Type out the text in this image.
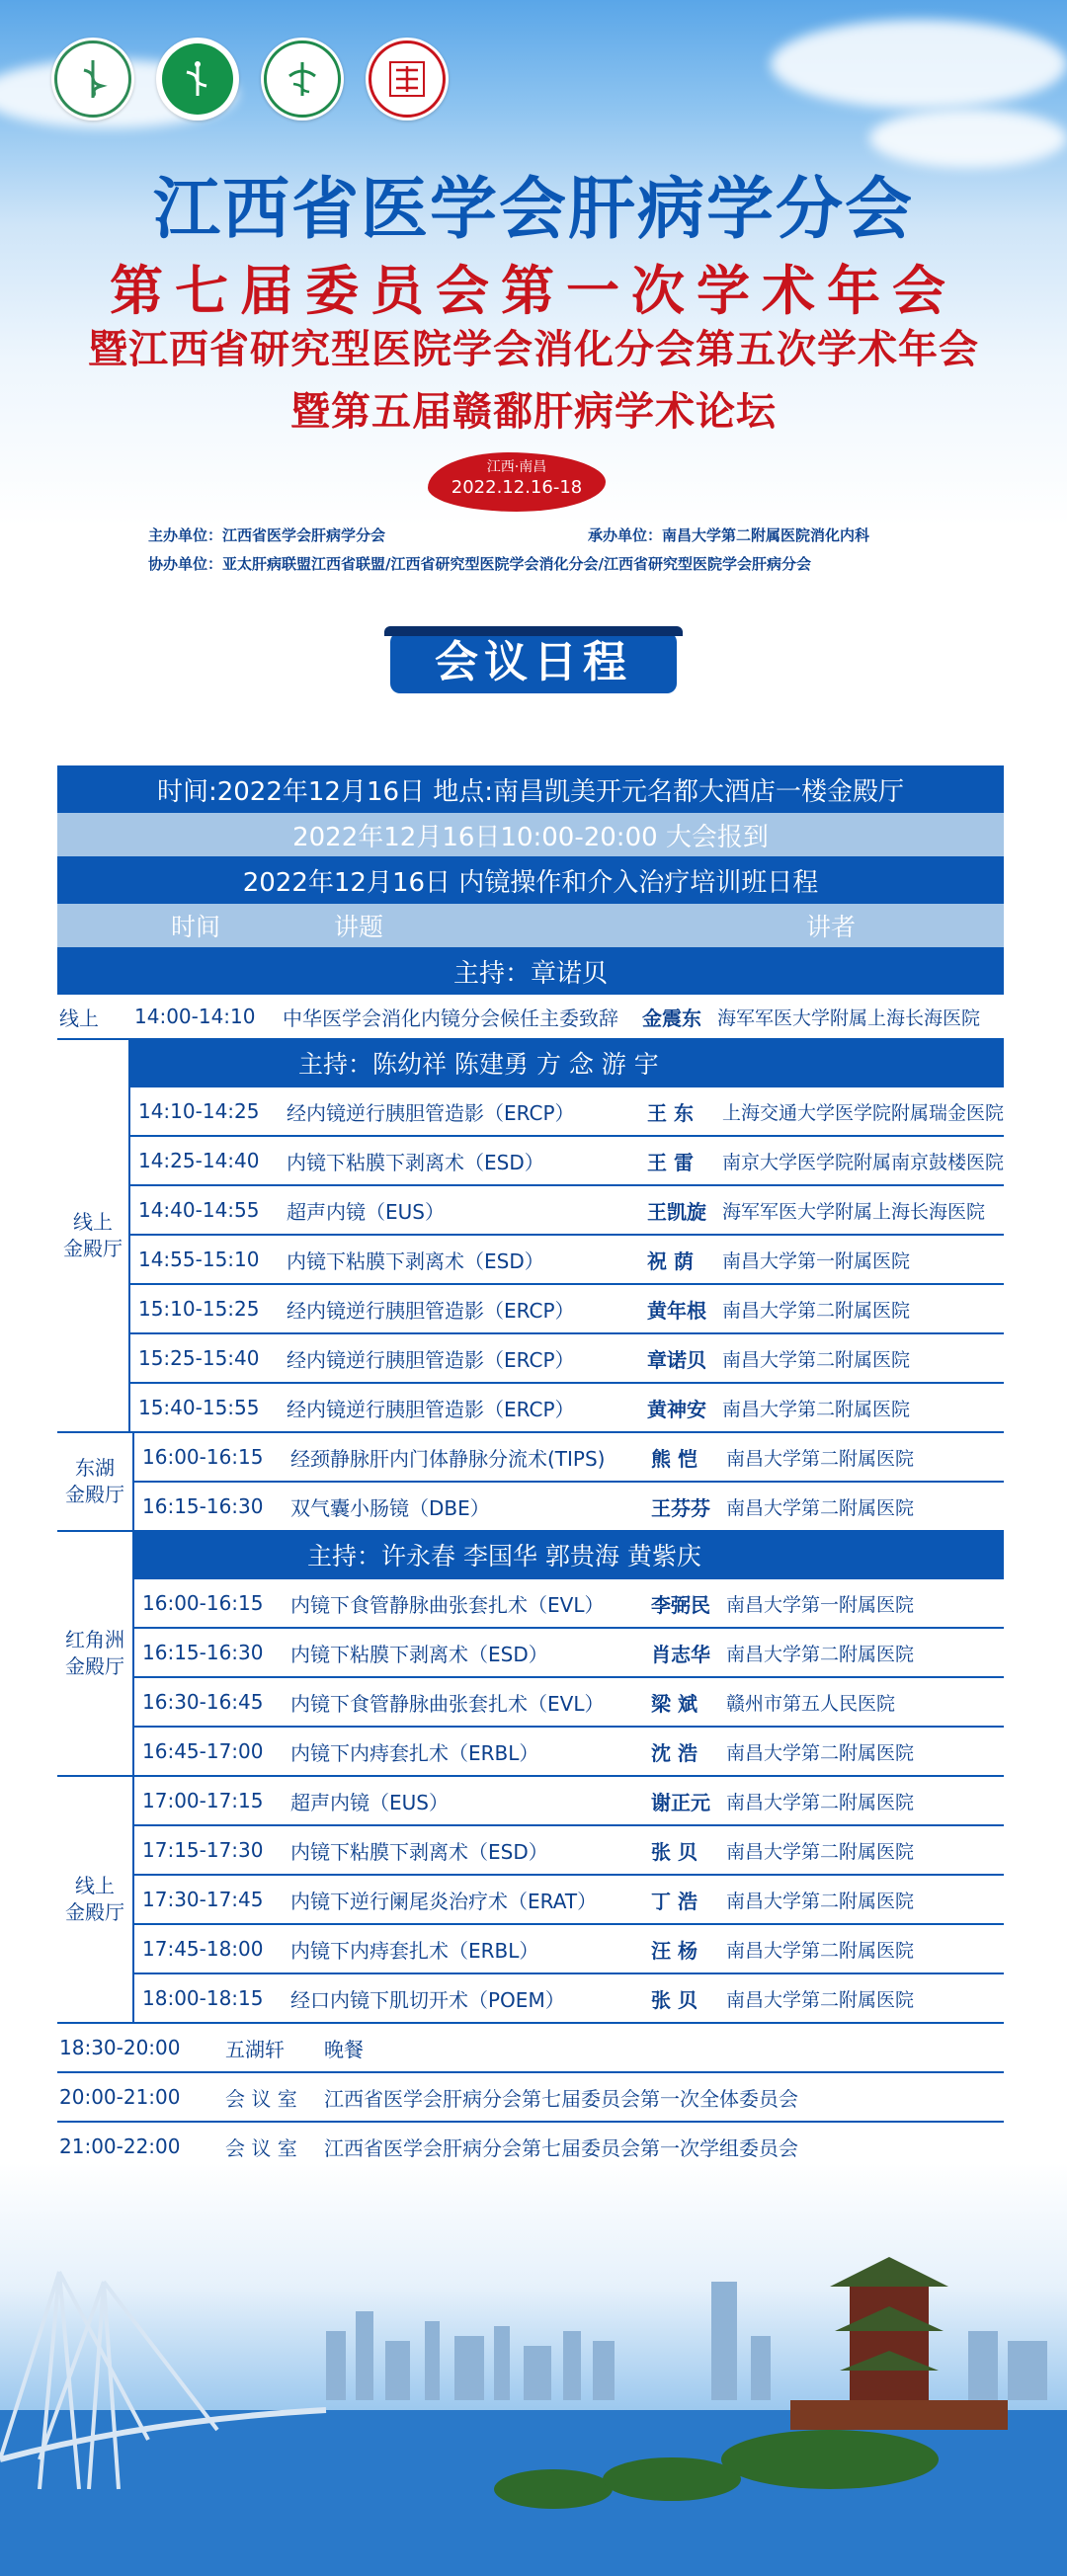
江西省医学会肝病学分会
第七届委员会第一次学术年会
暨江西省研究型医院学会消化分会第五次学术年会
暨第五届赣鄱肝病学术论坛
江西·南昌
2022.12.16-18
主办单位：江西省医学会肝病学分会	承办单位：南昌大学第二附属医院消化内科
协办单位：亚太肝病联盟江西省联盟/江西省研究型医院学会消化分会/江西省研究型医院学会肝病分会
会议日程
时间:2022年12月16日 地点:南昌凯美开元名都大酒店一楼金殿厅
2022年12月16日10:00-20:00 大会报到
2022年12月16日 内镜操作和介入治疗培训班日程
时间	讲题	讲者
主持：章诺贝
线上	14:00-14:10	中华医学会消化内镜分会候任主委致辞	金震东 海军军医大学附属上海长海医院
线上
金殿厅
主持：陈幼祥 陈建勇 方 念 游 宇
14:10-14:25	经内镜逆行胰胆管造影（ERCP）	王 东	上海交通大学医学院附属瑞金医院
14:25-14:40	内镜下粘膜下剥离术（ESD）	王 雷	南京大学医学院附属南京鼓楼医院
14:40-14:55	超声内镜（EUS）	王凯旋 海军军医大学附属上海长海医院
14:55-15:10	内镜下粘膜下剥离术（ESD）	祝 荫	南昌大学第一附属医院
15:10-15:25	经内镜逆行胰胆管造影（ERCP）	黄年根 南昌大学第二附属医院
15:25-15:40	经内镜逆行胰胆管造影（ERCP）	章诺贝 南昌大学第二附属医院
15:40-15:55	经内镜逆行胰胆管造影（ERCP）	黄神安 南昌大学第二附属医院
东湖
金殿厅
16:00-16:15	经颈静脉肝内门体静脉分流术(TIPS)	熊 恺	南昌大学第二附属医院
16:15-16:30	双气囊小肠镜（DBE）	王芬芬 南昌大学第二附属医院
红角洲
金殿厅
主持：许永春 李国华 郭贵海 黄紫庆
16:00-16:15	内镜下食管静脉曲张套扎术（EVL）	李弼民 南昌大学第一附属医院
16:15-16:30	内镜下粘膜下剥离术（ESD）	肖志华 南昌大学第二附属医院
16:30-16:45	内镜下食管静脉曲张套扎术（EVL）	梁 斌	赣州市第五人民医院
16:45-17:00	内镜下内痔套扎术（ERBL）	沈 浩	南昌大学第二附属医院
线上
金殿厅
17:00-17:15	超声内镜（EUS）	谢正元 南昌大学第二附属医院
17:15-17:30	内镜下粘膜下剥离术（ESD）	张 贝	南昌大学第二附属医院
17:30-17:45	内镜下逆行阑尾炎治疗术（ERAT）	丁 浩	南昌大学第二附属医院
17:45-18:00	内镜下内痔套扎术（ERBL）	汪 杨	南昌大学第二附属医院
18:00-18:15	经口内镜下肌切开术（POEM）	张 贝	南昌大学第二附属医院
18:30-20:00	五湖轩	晚餐
20:00-21:00	会 议 室	江西省医学会肝病分会第七届委员会第一次全体委员会
21:00-22:00	会 议 室	江西省医学会肝病分会第七届委员会第一次学组委员会
